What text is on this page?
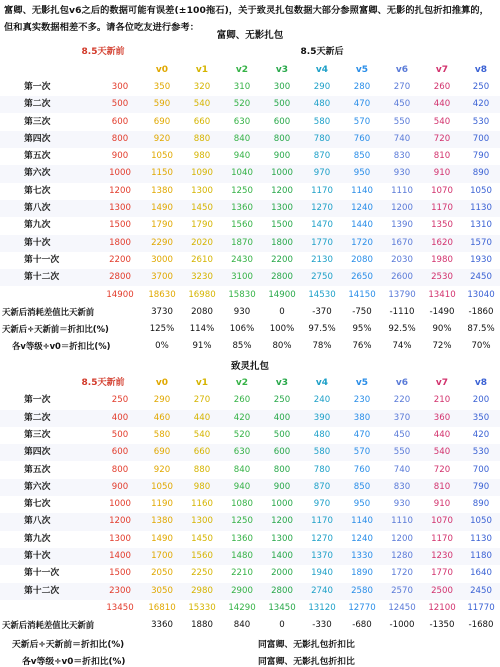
富卿、无影扎包v6之后的数据可能有误差(±100拖石)，关于致灵扎包数据大部分参照富卿、无影的扎包折扣推算的，但和真实数据相差不多。请各位吃友进行参考：
富卿、无影扎包
8.5天新前	8.5天新后
v0	v1	v2	v3	v4	v5	v6	v7	v8
第一次	300	350	320	310	300	290	280	270	260	250
第二次	500	590	540	520	500	480	470	450	440	420
第三次	600	690	660	630	600	580	570	550	540	530
第四次	800	920	880	840	800	780	760	740	720	700
第五次	900	1050	980	940	900	870	850	830	810	790
第六次	1000	1150	1090	1040	1000	970	950	930	910	890
第七次	1200	1380	1300	1250	1200	1170	1140	1110	1070	1050
第八次	1300	1490	1450	1360	1300	1270	1240	1200	1170	1130
第九次	1500	1790	1790	1560	1500	1470	1440	1390	1350	1310
第十次	1800	2290	2020	1870	1800	1770	1720	1670	1620	1570
第十一次	2200	3000	2610	2430	2200	2130	2080	2030	1980	1930
第十二次	2800	3700	3230	3100	2800	2750	2650	2600	2530	2450
14900	18630	16980	15830	14900	14530	14150	13790	13410	13040
天新后消耗差值比天新前	3730	2080	930	0	-370	-750	-1110	-1490	-1860
天新后÷天新前＝折扣比(%)	125%	114%	106%	100%	97.5%	95%	92.5%	90%	87.5%
各v等级÷v0＝折扣比(%)	0%	91%	85%	80%	78%	76%	74%	72%	70%
致灵扎包
8.5天新前	v0	v1	v2	v3	v4	v5	v6	v7	v8
第一次	250	290	270	260	250	240	230	220	210	200
第二次	400	460	440	420	400	390	380	370	360	350
第三次	500	580	540	520	500	480	470	450	440	420
第四次	600	690	660	630	600	580	570	550	540	530
第五次	800	920	880	840	800	780	760	740	720	700
第六次	900	1050	980	940	900	870	850	830	810	790
第七次	1000	1190	1160	1080	1000	970	950	930	910	890
第八次	1200	1380	1300	1250	1200	1170	1140	1110	1070	1050
第九次	1300	1490	1450	1360	1300	1270	1240	1200	1170	1130
第十次	1400	1700	1560	1480	1400	1370	1330	1280	1230	1180
第十一次	1500	2050	2250	2210	2000	1940	1890	1720	1770	1640
第十二次	2300	3050	2980	2900	2800	2740	2580	2570	2500	2450
13450	16810	15330	14290	13450	13120	12770	12450	12100	11770
天新后消耗差值比天新前	3360	1880	840	0	-330	-680	-1000	-1350	-1680
天新后÷天新前＝折扣比(%)	同富卿、无影扎包折扣比
各v等级÷v0＝折扣比(%)	同富卿、无影扎包折扣比
